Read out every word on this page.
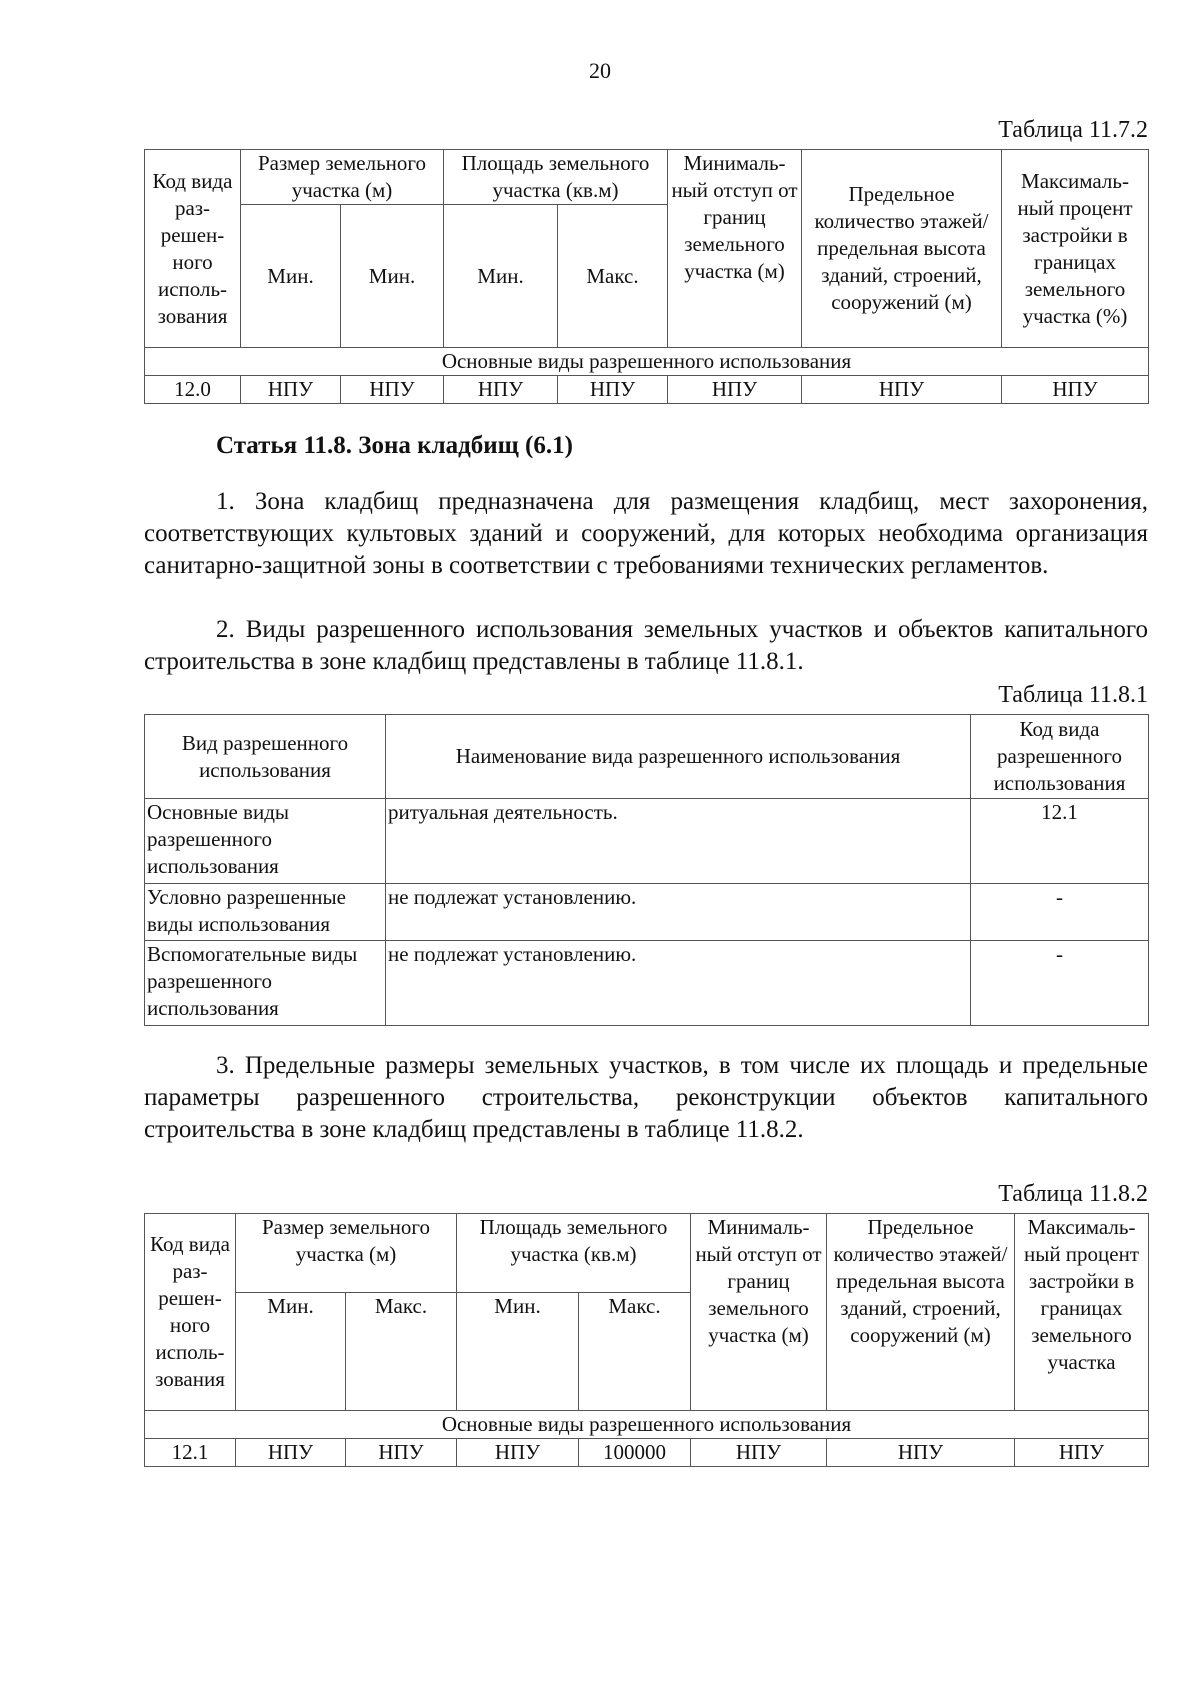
20
Таблица 11.7.2
Код вида раз-решен-ного исполь-зования	Размер земельного участка (м)		Площадь земельного участка (кв.м)		Минималь-ный отступ от границ земельного участка (м)	Предельное количество этажей/ предельная высота зданий, строений, сооружений (м)	Максималь-ный процент застройки в границах земельного участка (%)
	Мин.	Мин.	Мин.	Макс.			
Основные виды разрешенного использования							
12.0	НПУ	НПУ	НПУ	НПУ	НПУ	НПУ	НПУ
Статья 11.8. Зона кладбищ (6.1)
1. Зона кладбищ предназначена для размещения кладбищ, мест захоронения, соответствующих культовых зданий и сооружений, для которых необходима организация санитарно-защитной зоны в соответствии с требованиями технических регламентов.
2. Виды разрешенного использования земельных участков и объектов капитального строительства в зоне кладбищ представлены в таблице 11.8.1.
Таблица 11.8.1
Вид разрешенного использования	Наименование вида разрешенного использования	Код вида разрешенного использования
Основные виды разрешенного использования	ритуальная деятельность.	12.1
Условно разрешенные виды использования	не подлежат установлению.	-
Вспомогательные виды разрешенного использования	не подлежат установлению.	-
3. Предельные размеры земельных участков, в том числе их площадь и предельные параметры разрешенного строительства, реконструкции объектов капитального строительства в зоне кладбищ представлены в таблице 11.8.2.
Таблица 11.8.2
Код вида раз-решен-ного исполь-зования	Размер земельного участка (м)		Площадь земельного участка (кв.м)		Минималь-ный отступ от границ земельного участка (м)	Предельное количество этажей/ предельная высота зданий, строений, сооружений (м)	Максималь-ный процент застройки в границах земельного участка
	Мин.	Макс.	Мин.	Макс.			
Основные виды разрешенного использования							
12.1	НПУ	НПУ	НПУ	100000	НПУ	НПУ	НПУ
